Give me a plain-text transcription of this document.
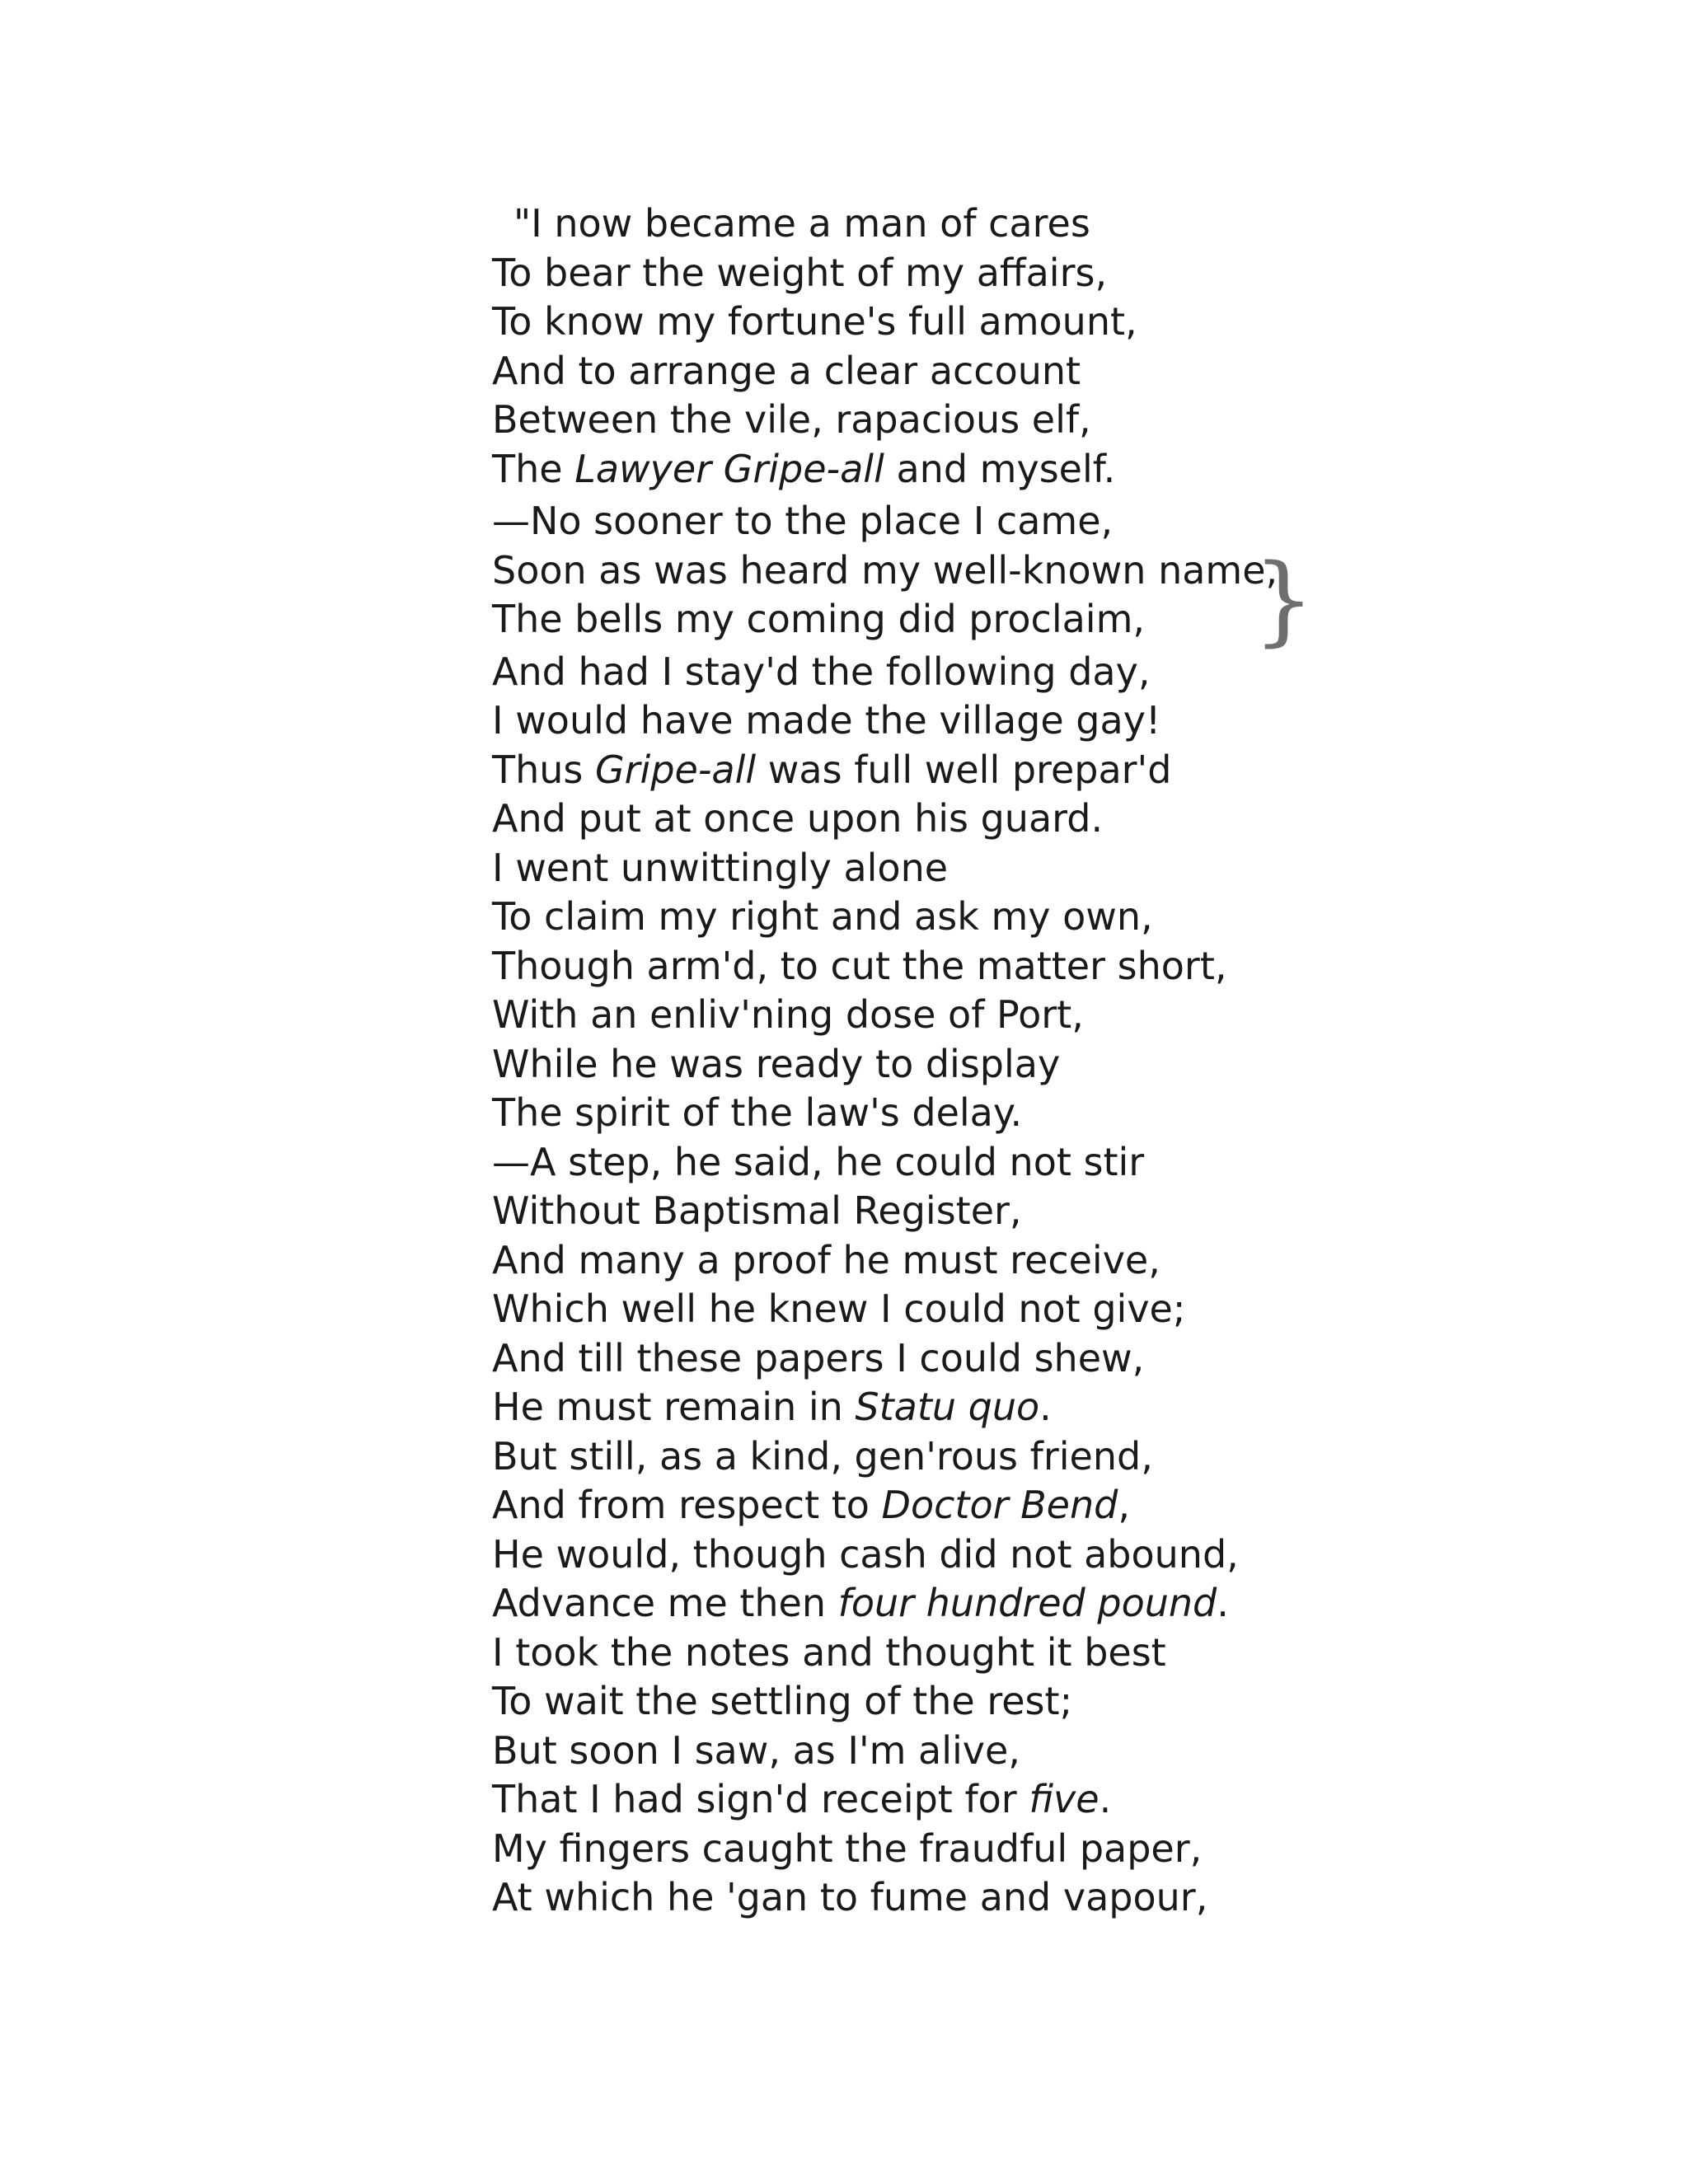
"I now became a man of cares
To bear the weight of my affairs,
To know my fortune's full amount,
And to arrange a clear account
Between the vile, rapacious elf,
The Lawyer Gripe-all and myself.
—No sooner to the place I came,
Soon as was heard my well-known name,
The bells my coming did proclaim,
And had I stay'd the following day,
I would have made the village gay!
Thus Gripe-all was full well prepar'd
And put at once upon his guard.
I went unwittingly alone
To claim my right and ask my own,
Though arm'd, to cut the matter short,
With an enliv'ning dose of Port,
While he was ready to display
The spirit of the law's delay.
—A step, he said, he could not stir
Without Baptismal Register,
And many a proof he must receive,
Which well he knew I could not give;
And till these papers I could shew,
He must remain in Statu quo.
But still, as a kind, gen'rous friend,
And from respect to Doctor Bend,
He would, though cash did not abound,
Advance me then four hundred pound.
I took the notes and thought it best
To wait the settling of the rest;
But soon I saw, as I'm alive,
That I had sign'd receipt for five.
My fingers caught the fraudful paper,
At which he 'gan to fume and vapour,
}
